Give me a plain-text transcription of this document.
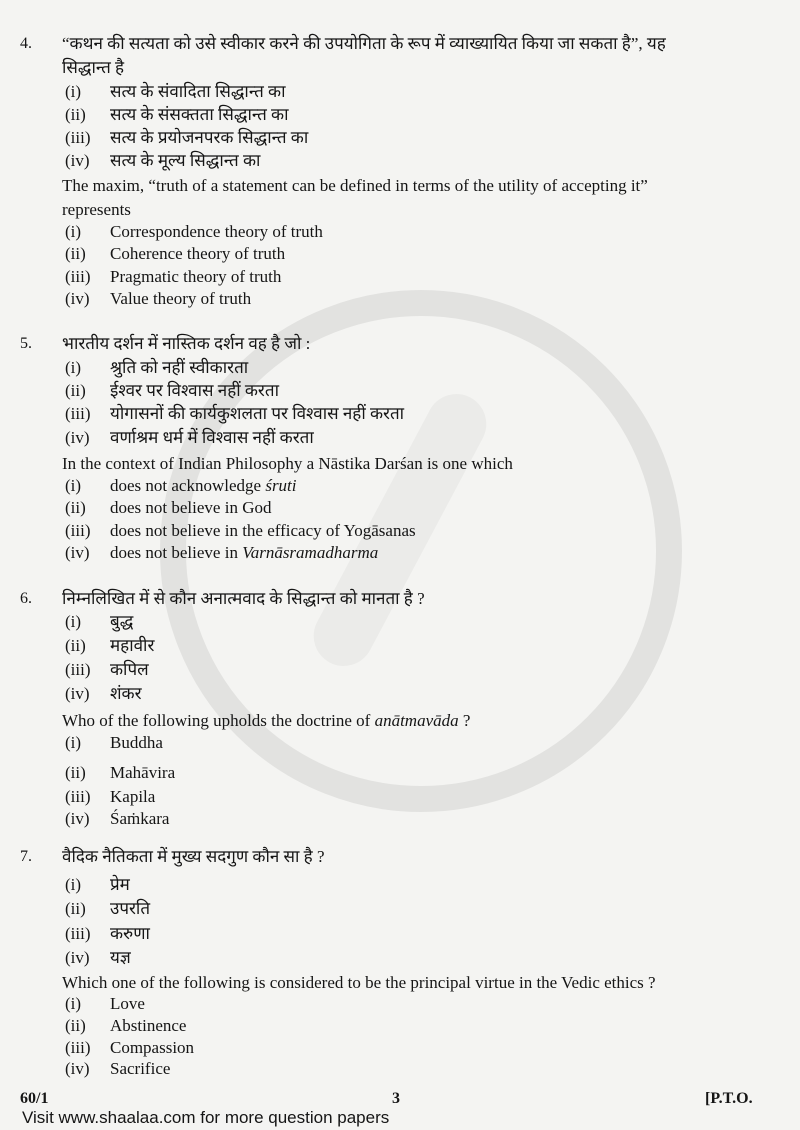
4. “कथन की सत्यता को उसे स्वीकार करने की उपयोगिता के रूप में व्याख्यायित किया जा सकता है”, यह
सिद्धान्त है
(i) सत्य के संवादिता सिद्धान्त का
(ii) सत्य के संसक्तता सिद्धान्त का
(iii) सत्य के प्रयोजनपरक सिद्धान्त का
(iv) सत्य के मूल्य सिद्धान्त का
The maxim, “truth of a statement can be defined in terms of the utility of accepting it”
represents
(i) Correspondence theory of truth
(ii) Coherence theory of truth
(iii) Pragmatic theory of truth
(iv) Value theory of truth
5. भारतीय दर्शन में नास्तिक दर्शन वह है जो :
(i) श्रुति को नहीं स्वीकारता
(ii) ईश्वर पर विश्वास नहीं करता
(iii) योगासनों की कार्यकुशलता पर विश्वास नहीं करता
(iv) वर्णाश्रम धर्म में विश्वास नहीं करता
In the context of Indian Philosophy a Nāstika Darśan is one which
(i) does not acknowledge śruti
(ii) does not believe in God
(iii) does not believe in the efficacy of Yogāsanas
(iv) does not believe in Varnāsramadharma
6. निम्नलिखित में से कौन अनात्मवाद के सिद्धान्त को मानता है ?
(i) बुद्ध
(ii) महावीर
(iii) कपिल
(iv) शंकर
Who of the following upholds the doctrine of anātmavāda ?
(i) Buddha
(ii) Mahāvira
(iii) Kapila
(iv) Śaṁkara
7. वैदिक नैतिकता में मुख्य सदगुण कौन सा है ?
(i) प्रेम
(ii) उपरति
(iii) करुणा
(iv) यज्ञ
Which one of the following is considered to be the principal virtue in the Vedic ethics ?
(i) Love
(ii) Abstinence
(iii) Compassion
(iv) Sacrifice
60/1	3	[P.T.O.
Visit www.shaalaa.com for more question papers
